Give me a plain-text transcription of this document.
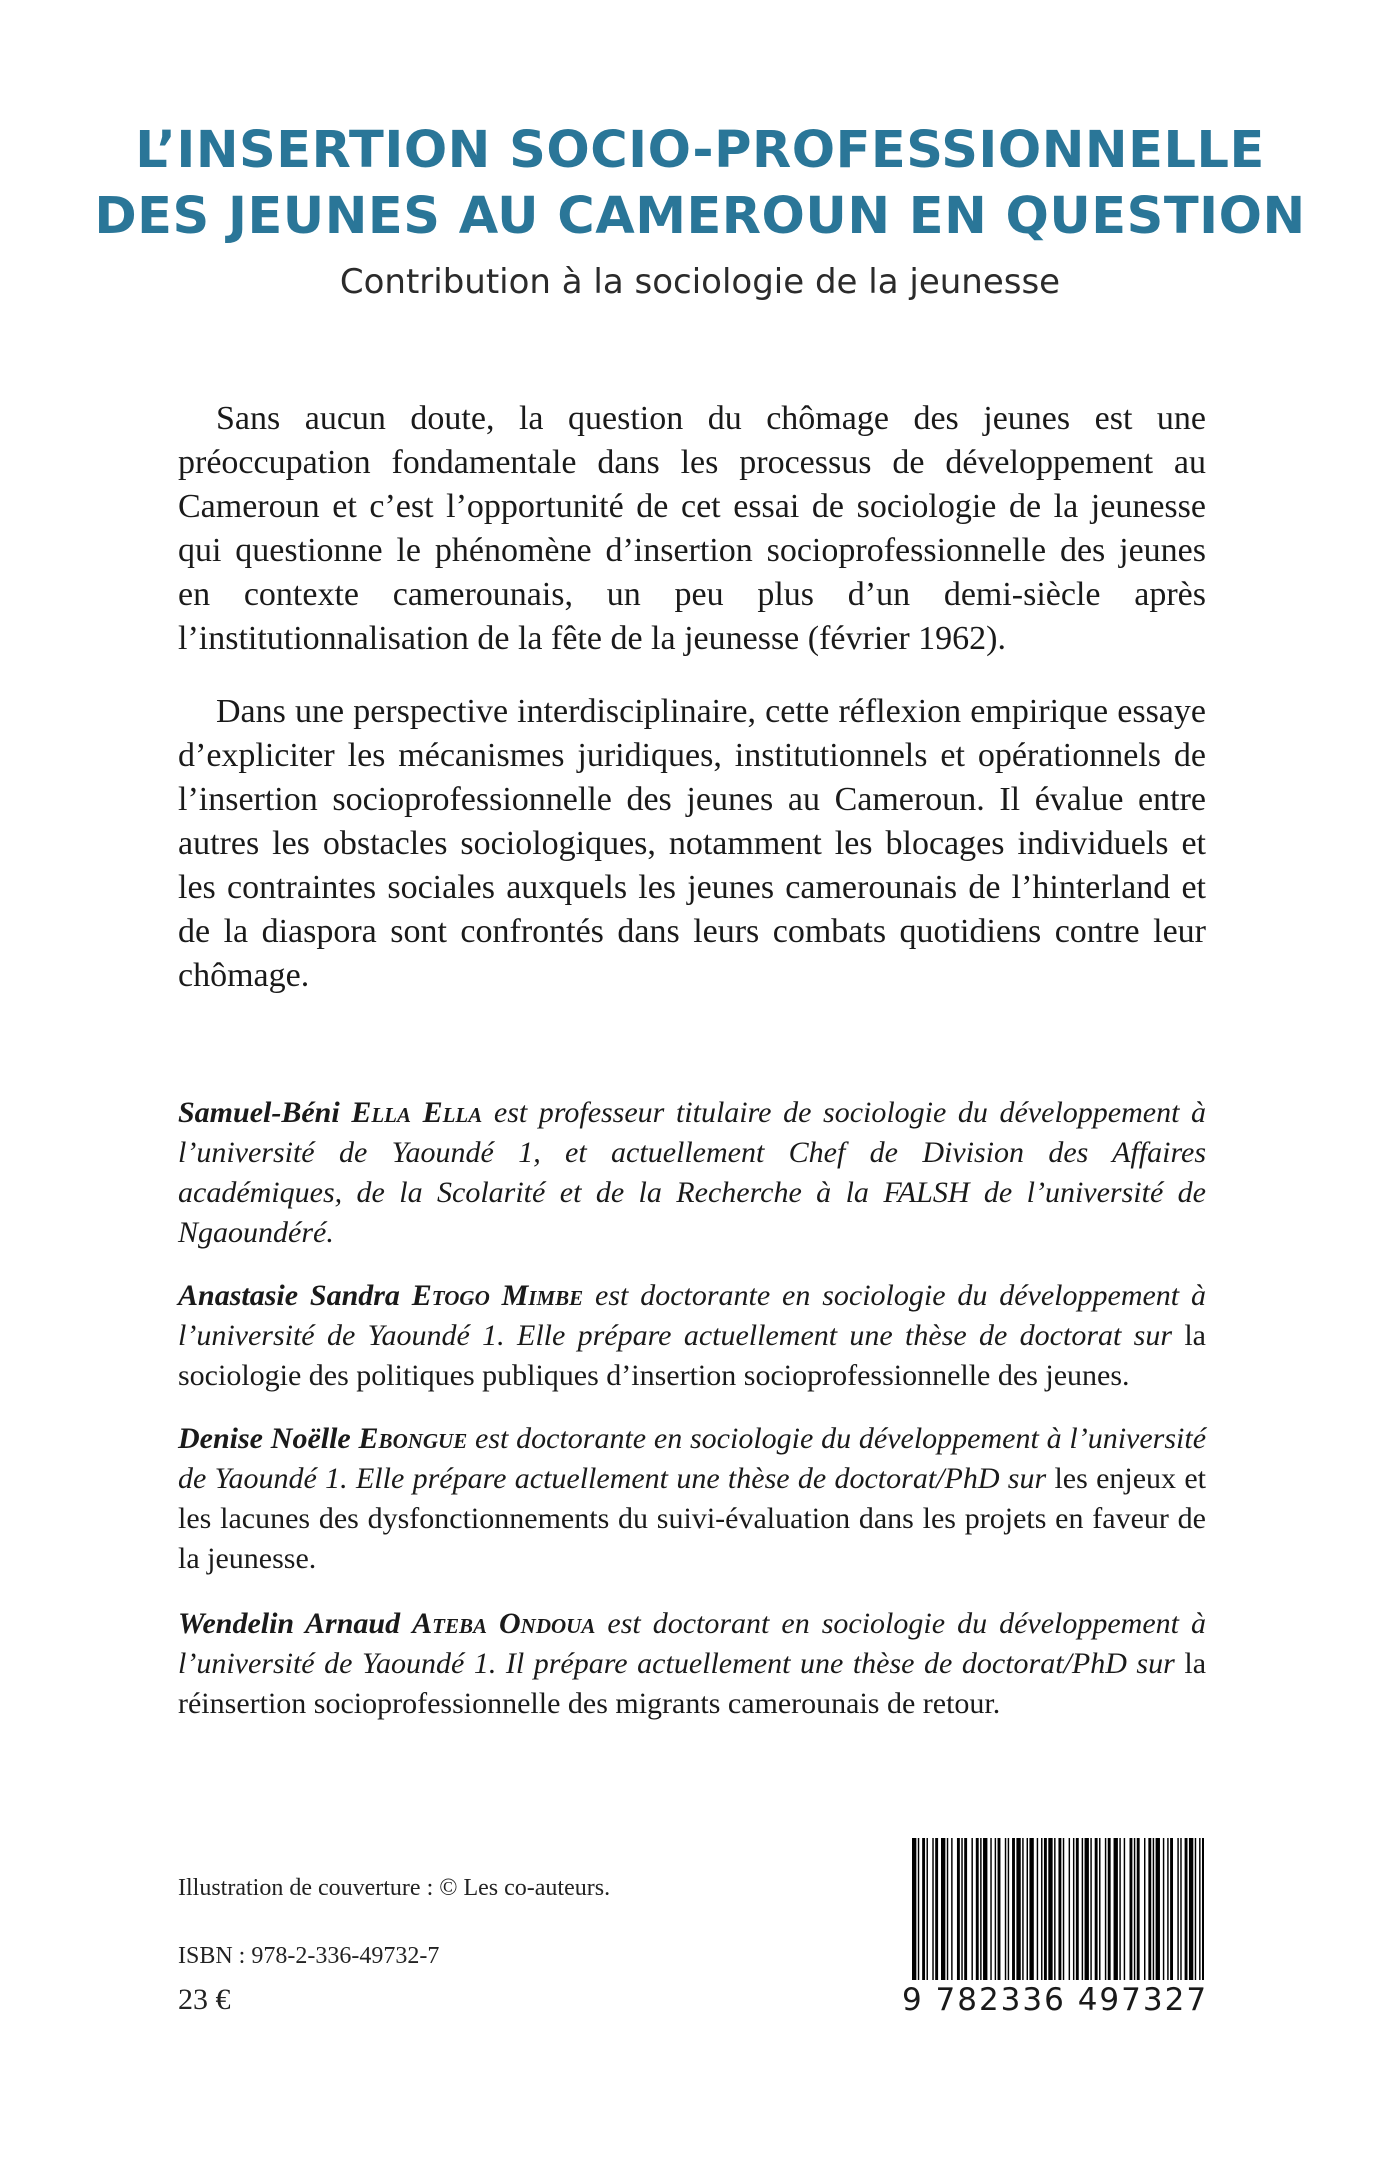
L’INSERTION SOCIO-PROFESSIONNELLE
DES JEUNES AU CAMEROUN EN QUESTION
Contribution à la sociologie de la jeunesse

Sans aucun doute, la question du chômage des jeunes est une préoccupation fondamentale dans les processus de développement au Cameroun et c’est l’opportunité de cet essai de sociologie de la jeunesse qui questionne le phénomène d’insertion socioprofessionnelle des jeunes en contexte camerounais, un peu plus d’un demi-siècle après l’institutionnalisation de la fête de la jeunesse (février 1962).

Dans une perspective interdisciplinaire, cette réflexion empirique essaye d’expliciter les mécanismes juridiques, institutionnels et opérationnels de l’insertion socioprofessionnelle des jeunes au Cameroun. Il évalue entre autres les obstacles sociologiques, notamment les blocages individuels et les contraintes sociales auxquels les jeunes camerounais de l’hinterland et de la diaspora sont confrontés dans leurs combats quotidiens contre leur chômage.

Samuel-Béni Ella Ella est professeur titulaire de sociologie du développement à l’université de Yaoundé 1, et actuellement Chef de Division des Affaires académiques, de la Scolarité et de la Recherche à la FALSH de l’université de Ngaoundéré.

Anastasie Sandra Etogo Mimbe est doctorante en sociologie du développement à l’université de Yaoundé 1. Elle prépare actuellement une thèse de doctorat sur la sociologie des politiques publiques d’insertion socioprofessionnelle des jeunes.

Denise Noëlle Ebongue est doctorante en sociologie du développement à l’université de Yaoundé 1. Elle prépare actuellement une thèse de doctorat/PhD sur les enjeux et les lacunes des dysfonctionnements du suivi-évaluation dans les projets en faveur de la jeunesse.

Wendelin Arnaud Ateba Ondoua est doctorant en sociologie du développement à l’université de Yaoundé 1. Il prépare actuellement une thèse de doctorat/PhD sur la réinsertion socioprofessionnelle des migrants camerounais de retour.

Illustration de couverture : © Les co-auteurs.
ISBN : 978-2-336-49732-7
23 €	9 782336 497327
